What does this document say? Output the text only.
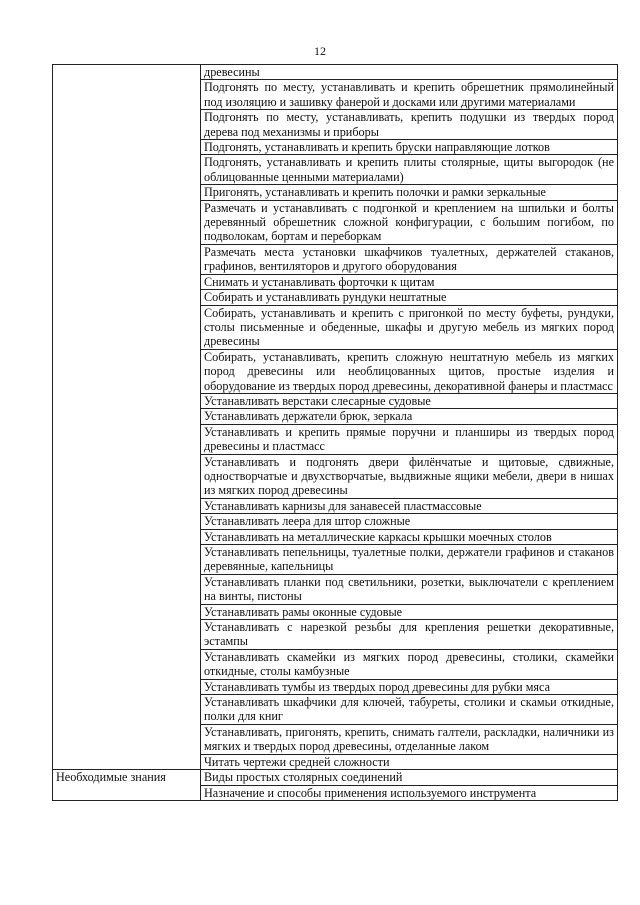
12
	древесины
	Подгонять по месту, устанавливать и крепить обрешетник прямолинейный под изоляцию и зашивку фанерой и досками или другими материалами
	Подгонять по месту, устанавливать, крепить подушки из твердых пород дерева под механизмы и приборы
	Подгонять, устанавливать и крепить бруски направляющие лотков
	Подгонять, устанавливать и крепить плиты столярные, щиты выгородок (не облицованные ценными материалами)
	Пригонять, устанавливать и крепить полочки и рамки зеркальные
	Размечать и устанавливать с подгонкой и креплением на шпильки и болты деревянный обрешетник сложной конфигурации, с большим погибом, по подволокам, бортам и переборкам
	Размечать места установки шкафчиков туалетных, держателей стаканов, графинов, вентиляторов и другого оборудования
	Снимать и устанавливать форточки к щитам
	Собирать и устанавливать рундуки нештатные
	Собирать, устанавливать и крепить с пригонкой по месту буфеты, рундуки, столы письменные и обеденные, шкафы и другую мебель из мягких пород древесины
	Собирать, устанавливать, крепить сложную нештатную мебель из мягких пород древесины или необлицованных щитов, простые изделия и оборудование из твердых пород древесины, декоративной фанеры и пластмасс
	Устанавливать верстаки слесарные судовые
	Устанавливать держатели брюк, зеркала
	Устанавливать и крепить прямые поручни и планширы из твердых пород древесины и пластмасс
	Устанавливать и подгонять двери филёнчатые и щитовые, сдвижные, одностворчатые и двухстворчатые, выдвижные ящики мебели, двери в нишах из мягких пород древесины
	Устанавливать карнизы для занавесей пластмассовые
	Устанавливать леера для штор сложные
	Устанавливать на металлические каркасы крышки моечных столов
	Устанавливать пепельницы, туалетные полки, держатели графинов и стаканов деревянные, капельницы
	Устанавливать планки под светильники, розетки, выключатели с креплением на винты, пистоны
	Устанавливать рамы оконные судовые
	Устанавливать с нарезкой резьбы для крепления решетки декоративные, эстампы
	Устанавливать скамейки из мягких пород древесины, столики, скамейки откидные, столы камбузные
	Устанавливать тумбы из твердых пород древесины для рубки мяса
	Устанавливать шкафчики для ключей, табуреты, столики и скамьи откидные, полки для книг
	Устанавливать, пригонять, крепить, снимать галтели, раскладки, наличники из мягких и твердых пород древесины, отделанные лаком
	Читать чертежи средней сложности
Необходимые знания	Виды простых столярных соединений
	Назначение и способы применения используемого инструмента
